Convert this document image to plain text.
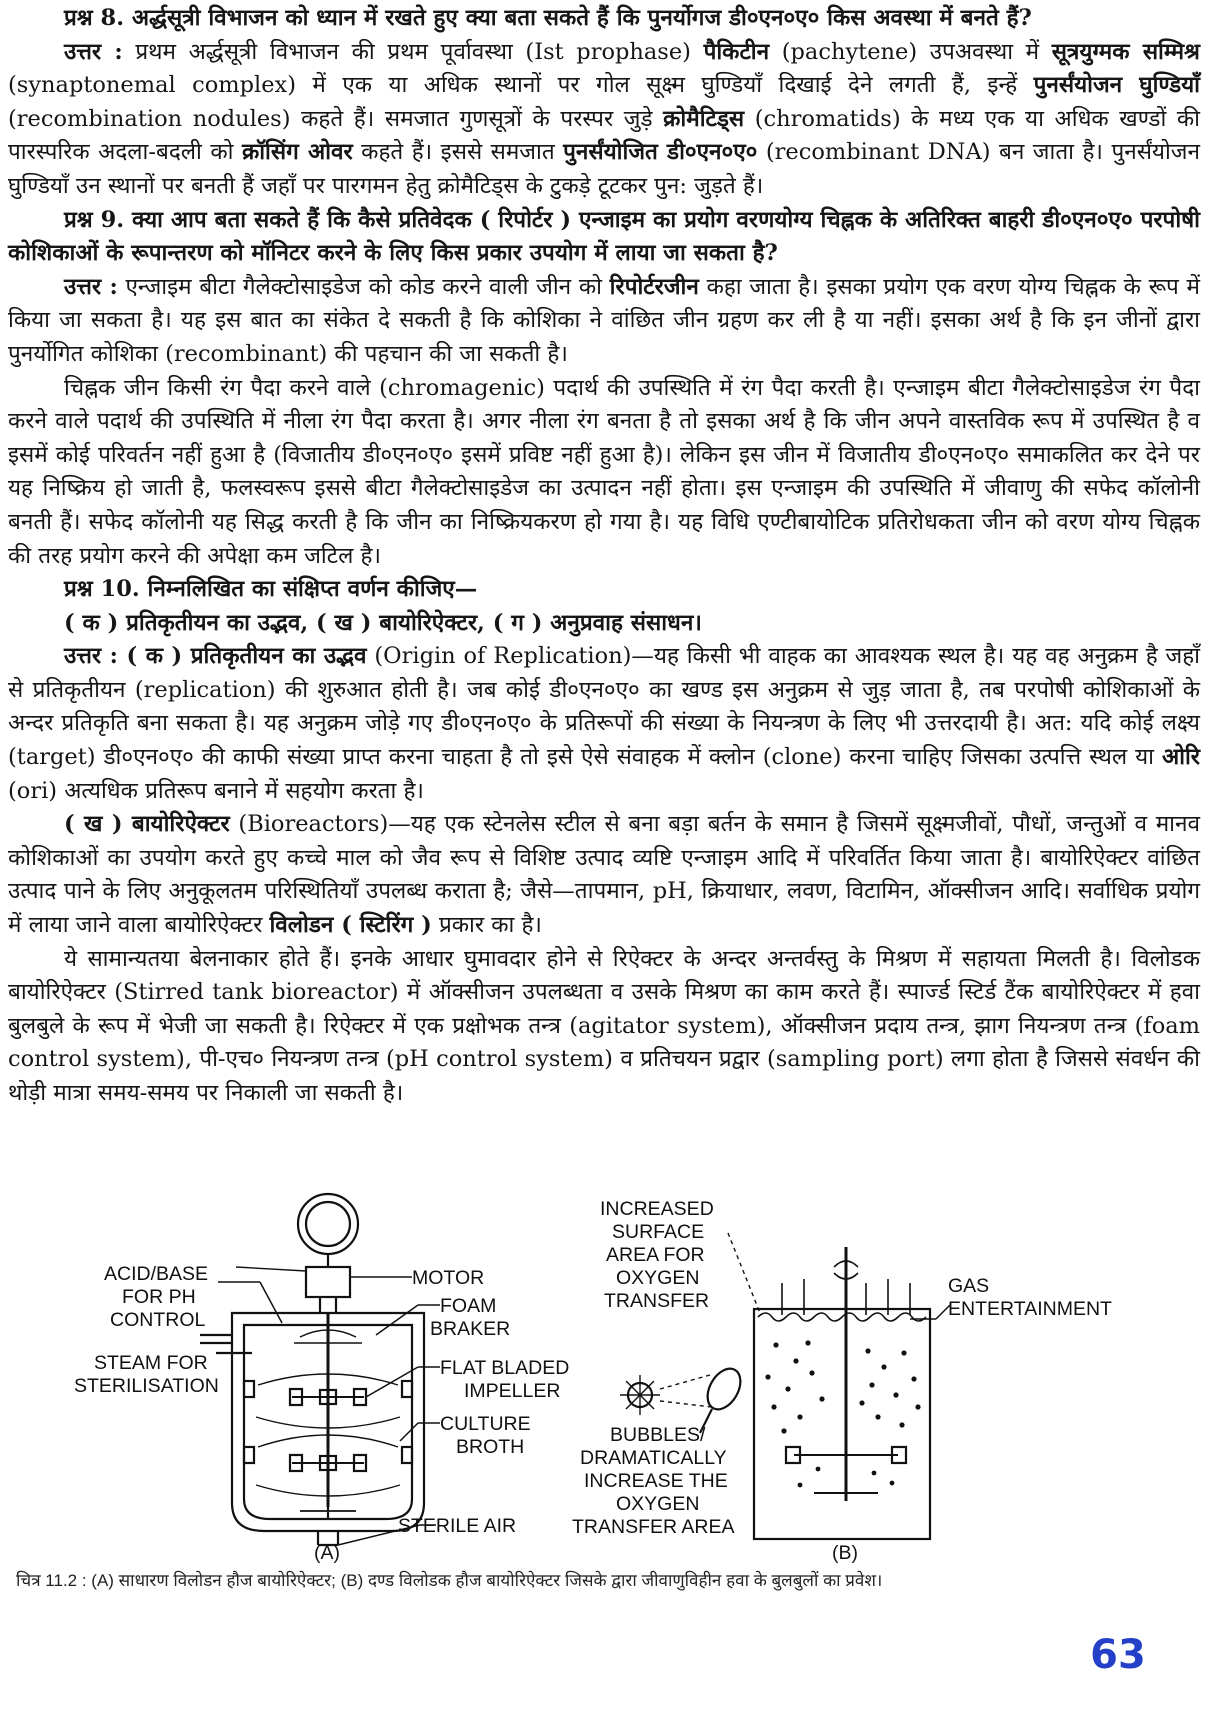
प्रश्न 8. अर्द्धसूत्री विभाजन को ध्यान में रखते हुए क्या बता सकते हैं कि पुनर्योगज डी०एन०ए० किस अवस्था में बनते हैं?

उत्तर : प्रथम अर्द्धसूत्री विभाजन की प्रथम पूर्वावस्था (Ist prophase) पैकिटीन (pachytene) उपअवस्था में सूत्रयुग्मक सम्मिश्र (synaptonemal complex) में एक या अधिक स्थानों पर गोल सूक्ष्म घुण्डियाँ दिखाई देने लगती हैं, इन्हें पुनर्संयोजन घुण्डियाँ (recombination nodules) कहते हैं। समजात गुणसूत्रों के परस्पर जुड़े क्रोमैटिड्स (chromatids) के मध्य एक या अधिक खण्डों की पारस्परिक अदला-बदली को क्रॉसिंग ओवर कहते हैं। इससे समजात पुनर्संयोजित डी०एन०ए० (recombinant DNA) बन जाता है। पुनर्संयोजन घुण्डियाँ उन स्थानों पर बनती हैं जहाँ पर पारगमन हेतु क्रोमैटिड्स के टुकड़े टूटकर पुन: जुड़ते हैं।

प्रश्न 9. क्या आप बता सकते हैं कि कैसे प्रतिवेदक ( रिपोर्टर ) एन्जाइम का प्रयोग वरणयोग्य चिह्नक के अतिरिक्त बाहरी डी०एन०ए० परपोषी कोशिकाओं के रूपान्तरण को मॉनिटर करने के लिए किस प्रकार उपयोग में लाया जा सकता है?

उत्तर : एन्जाइम बीटा गैलेक्टोसाइडेज को कोड करने वाली जीन को रिपोर्टरजीन कहा जाता है। इसका प्रयोग एक वरण योग्य चिह्नक के रूप में किया जा सकता है। यह इस बात का संकेत दे सकती है कि कोशिका ने वांछित जीन ग्रहण कर ली है या नहीं। इसका अर्थ है कि इन जीनों द्वारा पुनर्योगित कोशिका (recombinant) की पहचान की जा सकती है।

चिह्नक जीन किसी रंग पैदा करने वाले (chromagenic) पदार्थ की उपस्थिति में रंग पैदा करती है। एन्जाइम बीटा गैलेक्टोसाइडेज रंग पैदा करने वाले पदार्थ की उपस्थिति में नीला रंग पैदा करता है। अगर नीला रंग बनता है तो इसका अर्थ है कि जीन अपने वास्तविक रूप में उपस्थित है व इसमें कोई परिवर्तन नहीं हुआ है (विजातीय डी०एन०ए० इसमें प्रविष्ट नहीं हुआ है)। लेकिन इस जीन में विजातीय डी०एन०ए० समाकलित कर देने पर यह निष्क्रिय हो जाती है, फलस्वरूप इससे बीटा गैलेक्टोसाइडेज का उत्पादन नहीं होता। इस एन्जाइम की उपस्थिति में जीवाणु की सफेद कॉलोनी बनती हैं। सफेद कॉलोनी यह सिद्ध करती है कि जीन का निष्क्रियकरण हो गया है। यह विधि एण्टीबायोटिक प्रतिरोधकता जीन को वरण योग्य चिह्नक की तरह प्रयोग करने की अपेक्षा कम जटिल है।

प्रश्न 10. निम्नलिखित का संक्षिप्त वर्णन कीजिए—

( क ) प्रतिकृतीयन का उद्भव, ( ख ) बायोरिऐक्टर, ( ग ) अनुप्रवाह संसाधन।

उत्तर : ( क ) प्रतिकृतीयन का उद्भव (Origin of Replication)—यह किसी भी वाहक का आवश्यक स्थल है। यह वह अनुक्रम है जहाँ से प्रतिकृतीयन (replication) की शुरुआत होती है। जब कोई डी०एन०ए० का खण्ड इस अनुक्रम से जुड़ जाता है, तब परपोषी कोशिकाओं के अन्दर प्रतिकृति बना सकता है। यह अनुक्रम जोड़े गए डी०एन०ए० के प्रतिरूपों की संख्या के नियन्त्रण के लिए भी उत्तरदायी है। अत: यदि कोई लक्ष्य (target) डी०एन०ए० की काफी संख्या प्राप्त करना चाहता है तो इसे ऐसे संवाहक में क्लोन (clone) करना चाहिए जिसका उत्पत्ति स्थल या ओरि (ori) अत्यधिक प्रतिरूप बनाने में सहयोग करता है।

( ख ) बायोरिऐक्टर (Bioreactors)—यह एक स्टेनलेस स्टील से बना बड़ा बर्तन के समान है जिसमें सूक्ष्मजीवों, पौधों, जन्तुओं व मानव कोशिकाओं का उपयोग करते हुए कच्चे माल को जैव रूप से विशिष्ट उत्पाद व्यष्टि एन्जाइम आदि में परिवर्तित किया जाता है। बायोरिऐक्टर वांछित उत्पाद पाने के लिए अनुकूलतम परिस्थितियाँ उपलब्ध कराता है; जैसे—तापमान, pH, क्रियाधार, लवण, विटामिन, ऑक्सीजन आदि। सर्वाधिक प्रयोग में लाया जाने वाला बायोरिऐक्टर विलोडन ( स्टिरिंग ) प्रकार का है।

ये सामान्यतया बेलनाकार होते हैं। इनके आधार घुमावदार होने से रिऐक्टर के अन्दर अन्तर्वस्तु के मिश्रण में सहायता मिलती है। विलोडक बायोरिऐक्टर (Stirred tank bioreactor) में ऑक्सीजन उपलब्धता व उसके मिश्रण का काम करते हैं। स्पार्ज्ड स्टिर्ड टैंक बायोरिऐक्टर में हवा बुलबुले के रूप में भेजी जा सकती है। रिऐक्टर में एक प्रक्षोभक तन्त्र (agitator system), ऑक्सीजन प्रदाय तन्त्र, झाग नियन्त्रण तन्त्र (foam control system), पी-एच० नियन्त्रण तन्त्र (pH control system) व प्रतिचयन प्रद्वार (sampling port) लगा होता है जिससे संवर्धन की थोड़ी मात्रा समय-समय पर निकाली जा सकती है।

MOTOR
ACID/BASE
FOR PH
CONTROL
FOAM
BRAKER
STEAM FOR
STERILISATION
FLAT BLADED
IMPELLER
CULTURE
BROTH
STERILE AIR
(A)
INCREASED
SURFACE
AREA FOR
OXYGEN
TRANSFER
GAS
ENTERTAINMENT
BUBBLES/
DRAMATICALLY
INCREASE THE
OXYGEN
TRANSFER AREA
(B)
चित्र 11.2 : (A) साधारण विलोडन हौज बायोरिऐक्टर; (B) दण्ड विलोडक हौज बायोरिऐक्टर जिसके द्वारा जीवाणुविहीन हवा के बुलबुलों का प्रवेश।
63
